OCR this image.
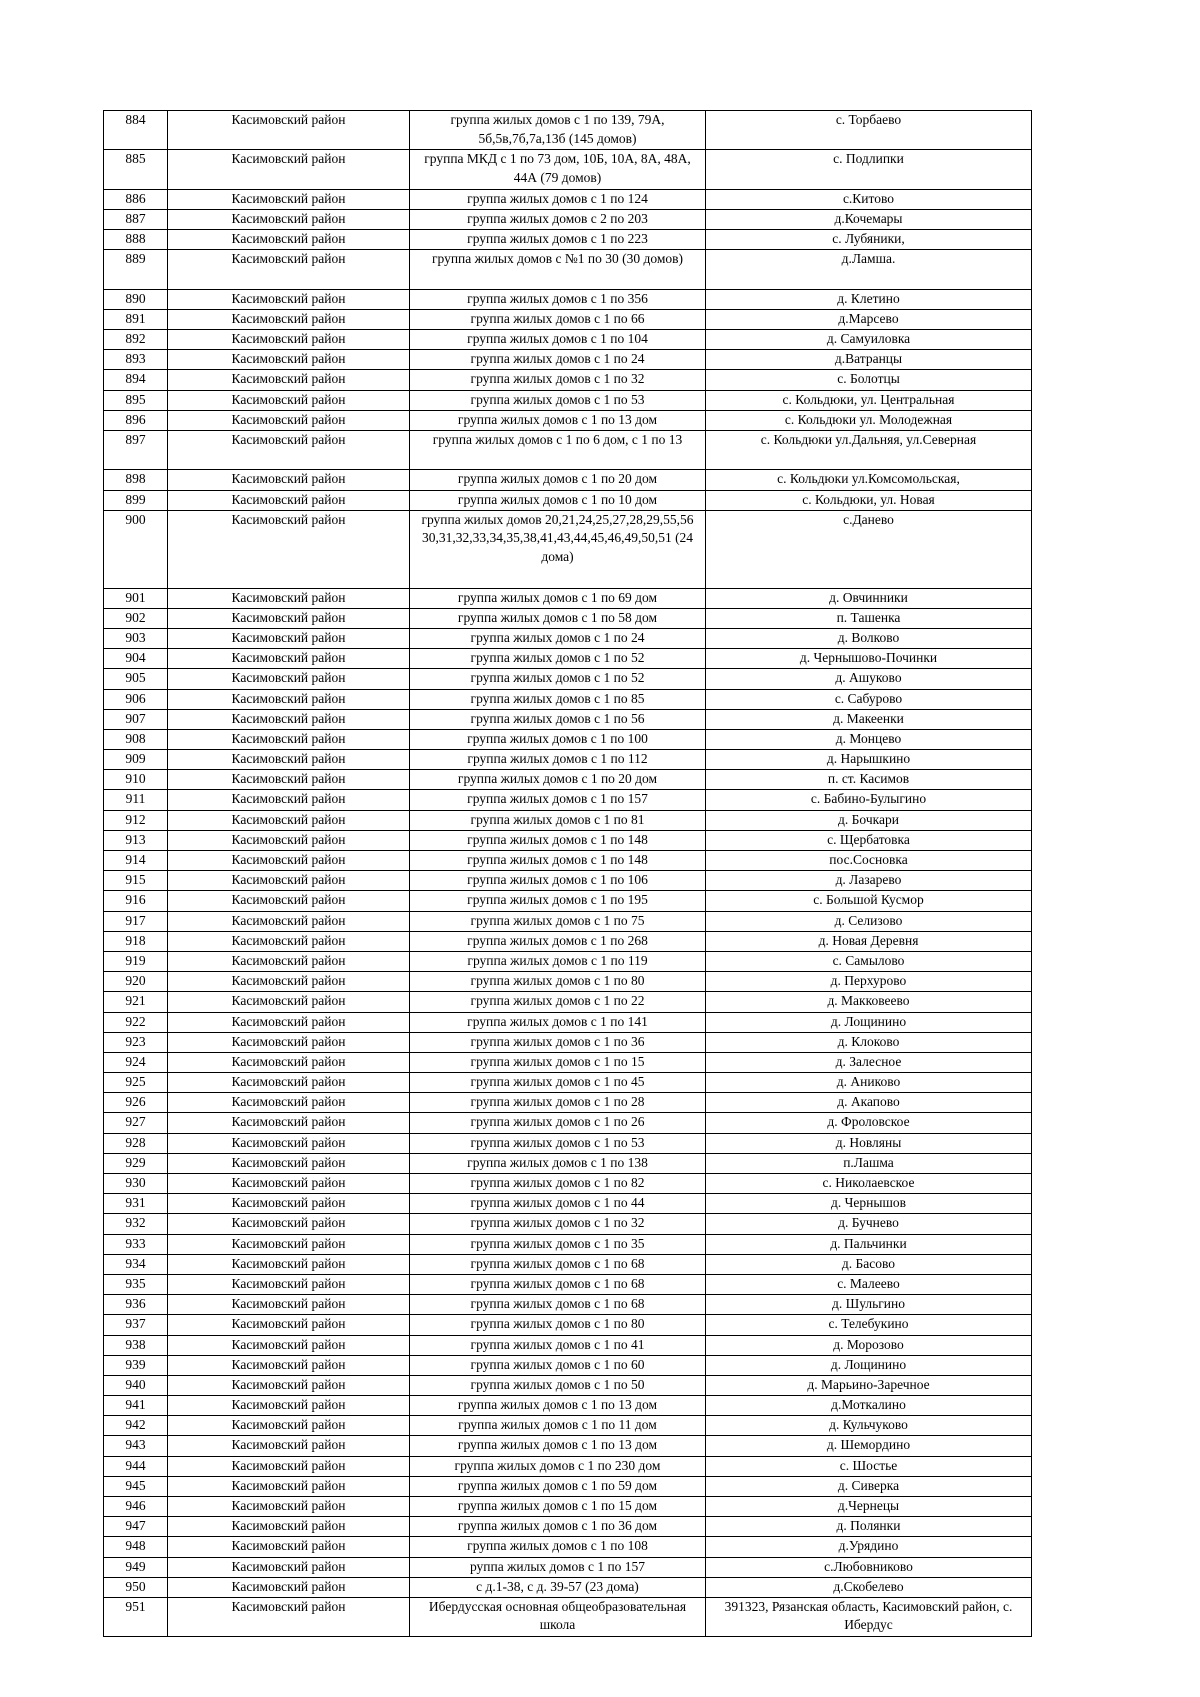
884	Касимовский район	группа жилых домов с 1 по 139, 79А, 5б,5в,7б,7а,13б (145 домов)	с. Торбаево
885	Касимовский район	группа МКД с 1 по 73 дом, 10Б, 10А, 8А, 48А, 44А (79 домов)	с. Подлипки
886	Касимовский район	группа жилых домов с 1 по 124	с.Китово
887	Касимовский район	группа жилых домов с 2 по 203	д.Кочемары
888	Касимовский район	группа жилых домов с 1 по 223	с. Лубяники,
889	Касимовский район	группа жилых домов с №1 по 30 (30 домов)	д.Ламша.
890	Касимовский район	группа жилых домов с 1 по 356	д. Клетино
891	Касимовский район	группа жилых домов с 1 по 66	д.Марсево
892	Касимовский район	группа жилых домов с 1 по 104	д. Самуиловка
893	Касимовский район	группа жилых домов с 1 по 24	д.Ватранцы
894	Касимовский район	группа жилых домов с 1 по 32	с. Болотцы
895	Касимовский район	группа жилых домов с 1 по 53	с. Кольдюки, ул. Центральная
896	Касимовский район	группа жилых домов с 1 по 13 дом	с. Кольдюки ул. Молодежная
897	Касимовский район	группа жилых домов с 1 по 6 дом, с 1 по 13	с. Кольдюки ул.Дальняя, ул.Северная
898	Касимовский район	группа жилых домов с 1 по 20 дом	с. Кольдюки ул.Комсомольская,
899	Касимовский район	группа жилых домов с 1 по 10 дом	с. Кольдюки, ул. Новая
900	Касимовский район	группа жилых домов 20,21,24,25,27,28,29,55,56 30,31,32,33,34,35,38,41,43,44,45,46,49,50,51 (24 дома)	с.Данево
901	Касимовский район	группа жилых домов с 1 по 69 дом	д. Овчинники
902	Касимовский район	группа жилых домов с 1 по 58 дом	п. Ташенка
903	Касимовский район	группа жилых домов с 1 по 24	д. Волково
904	Касимовский район	группа жилых домов с 1 по 52	д. Чернышово-Починки
905	Касимовский район	группа жилых домов с 1 по 52	д. Ашуково
906	Касимовский район	группа жилых домов с 1 по 85	с. Сабурово
907	Касимовский район	группа жилых домов с 1 по 56	д. Макеенки
908	Касимовский район	группа жилых домов с 1 по 100	д. Монцево
909	Касимовский район	группа жилых домов с 1 по 112	д. Нарышкино
910	Касимовский район	группа жилых домов с 1 по 20 дом	п. ст. Касимов
911	Касимовский район	группа жилых домов с 1 по 157	с. Бабино-Булыгино
912	Касимовский район	группа жилых домов с 1 по 81	д. Бочкари
913	Касимовский район	группа жилых домов с 1 по 148	с. Щербатовка
914	Касимовский район	группа жилых домов с 1 по 148	пос.Сосновка
915	Касимовский район	группа жилых домов с 1 по 106	д. Лазарево
916	Касимовский район	группа жилых домов с 1 по 195	с. Большой Кусмор
917	Касимовский район	группа жилых домов с 1 по 75	д. Селизово
918	Касимовский район	группа жилых домов с 1 по 268	д. Новая Деревня
919	Касимовский район	группа жилых домов с 1 по 119	с. Самылово
920	Касимовский район	группа жилых домов с 1 по 80	д. Перхурово
921	Касимовский район	группа жилых домов с 1 по 22	д. Макковеево
922	Касимовский район	группа жилых домов с 1 по 141	д. Лощинино
923	Касимовский район	группа жилых домов с 1 по 36	д. Клоково
924	Касимовский район	группа жилых домов с 1 по 15	д. Залесное
925	Касимовский район	группа жилых домов с 1 по 45	д. Аниково
926	Касимовский район	группа жилых домов с 1 по 28	д. Акапово
927	Касимовский район	группа жилых домов с 1 по 26	д. Фроловское
928	Касимовский район	группа жилых домов с 1 по 53	д. Новляны
929	Касимовский район	группа жилых домов с 1 по 138	п.Лашма
930	Касимовский район	группа жилых домов с 1 по 82	с. Николаевское
931	Касимовский район	группа жилых домов с 1 по 44	д. Чернышов
932	Касимовский район	группа жилых домов с 1 по 32	д. Бучнево
933	Касимовский район	группа жилых домов с 1 по 35	д. Пальчинки
934	Касимовский район	группа жилых домов с 1 по 68	д. Басово
935	Касимовский район	группа жилых домов с 1 по 68	с. Малеево
936	Касимовский район	группа жилых домов с 1 по 68	д. Шульгино
937	Касимовский район	группа жилых домов с 1 по 80	с. Телебукино
938	Касимовский район	группа жилых домов с 1 по 41	д. Морозово
939	Касимовский район	группа жилых домов с 1 по 60	д. Лощинино
940	Касимовский район	группа жилых домов с 1 по 50	д. Марьино-Заречное
941	Касимовский район	группа жилых домов с 1 по 13 дом	д.Моткалино
942	Касимовский район	группа жилых домов с 1 по 11 дом	д. Кульчуково
943	Касимовский район	группа жилых домов с 1 по 13 дом	д. Шемордино
944	Касимовский район	группа жилых домов с 1 по 230 дом	с. Шостье
945	Касимовский район	группа жилых домов с 1 по 59 дом	д. Сиверка
946	Касимовский район	группа жилых домов с 1 по 15 дом	д.Чернецы
947	Касимовский район	группа жилых домов с 1 по 36 дом	д. Полянки
948	Касимовский район	группа жилых домов с 1 по 108	д.Урядино
949	Касимовский район	руппа жилых домов с 1 по 157	с.Любовниково
950	Касимовский район	с д.1-38, с д. 39-57 (23 дома)	д.Скобелево
951	Касимовский район	Ибердусская основная общеобразовательная школа	391323, Рязанская область, Касимовский район, с. Ибердус
